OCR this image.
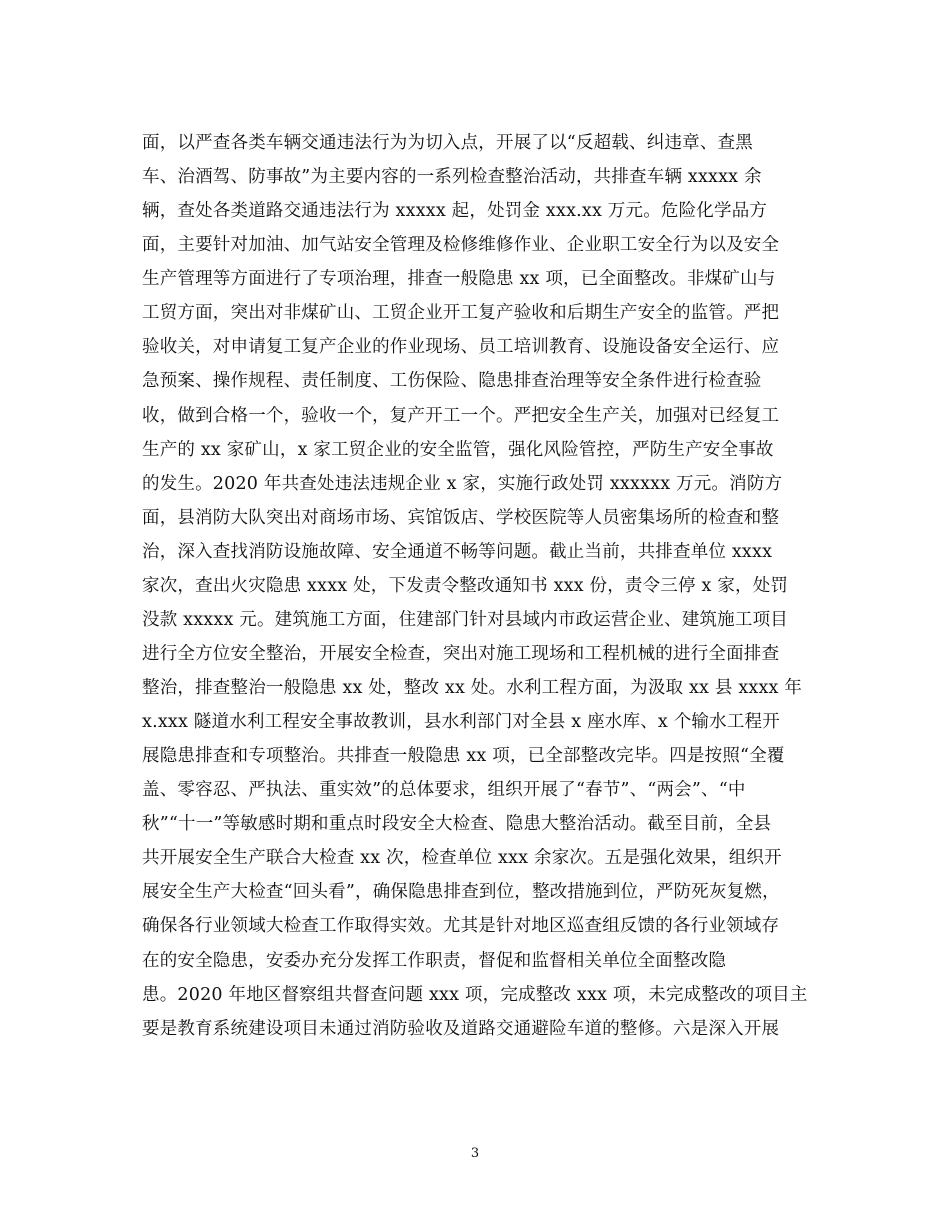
面，以严查各类车辆交通违法行为为切入点，开展了以“反超载、纠违章、查黑
车、治酒驾、防事故”为主要内容的一系列检查整治活动，共排查车辆 xxxxx 余
辆，查处各类道路交通违法行为 xxxxx 起，处罚金 xxx.xx 万元。危险化学品方
面，主要针对加油、加气站安全管理及检修维修作业、企业职工安全行为以及安全
生产管理等方面进行了专项治理，排查一般隐患 xx 项，已全面整改。非煤矿山与
工贸方面，突出对非煤矿山、工贸企业开工复产验收和后期生产安全的监管。严把
验收关，对申请复工复产企业的作业现场、员工培训教育、设施设备安全运行、应
急预案、操作规程、责任制度、工伤保险、隐患排查治理等安全条件进行检查验
收，做到合格一个，验收一个，复产开工一个。严把安全生产关，加强对已经复工
生产的 xx 家矿山，x 家工贸企业的安全监管，强化风险管控，严防生产安全事故
的发生。2020 年共查处违法违规企业 x 家，实施行政处罚 xxxxxx 万元。消防方
面，县消防大队突出对商场市场、宾馆饭店、学校医院等人员密集场所的检查和整
治，深入查找消防设施故障、安全通道不畅等问题。截止当前，共排查单位 xxxx
家次，查出火灾隐患 xxxx 处，下发责令整改通知书 xxx 份，责令三停 x 家，处罚
没款 xxxxx 元。建筑施工方面，住建部门针对县域内市政运营企业、建筑施工项目
进行全方位安全整治，开展安全检查，突出对施工现场和工程机械的进行全面排查
整治，排查整治一般隐患 xx 处，整改 xx 处。水利工程方面，为汲取 xx 县 xxxx 年
x.xxx 隧道水利工程安全事故教训，县水利部门对全县 x 座水库、x 个输水工程开
展隐患排查和专项整治。共排查一般隐患 xx 项，已全部整改完毕。四是按照“全覆
盖、零容忍、严执法、重实效”的总体要求，组织开展了“春节”、“两会”、“中
秋”“十一”等敏感时期和重点时段安全大检查、隐患大整治活动。截至目前，全县
共开展安全生产联合大检查 xx 次，检查单位 xxx 余家次。五是强化效果，组织开
展安全生产大检查“回头看”，确保隐患排查到位，整改措施到位，严防死灰复燃，
确保各行业领域大检查工作取得实效。尤其是针对地区巡查组反馈的各行业领域存
在的安全隐患，安委办充分发挥工作职责，督促和监督相关单位全面整改隐
患。2020 年地区督察组共督查问题 xxx 项，完成整改 xxx 项，未完成整改的项目主
要是教育系统建设项目未通过消防验收及道路交通避险车道的整修。六是深入开展
3
